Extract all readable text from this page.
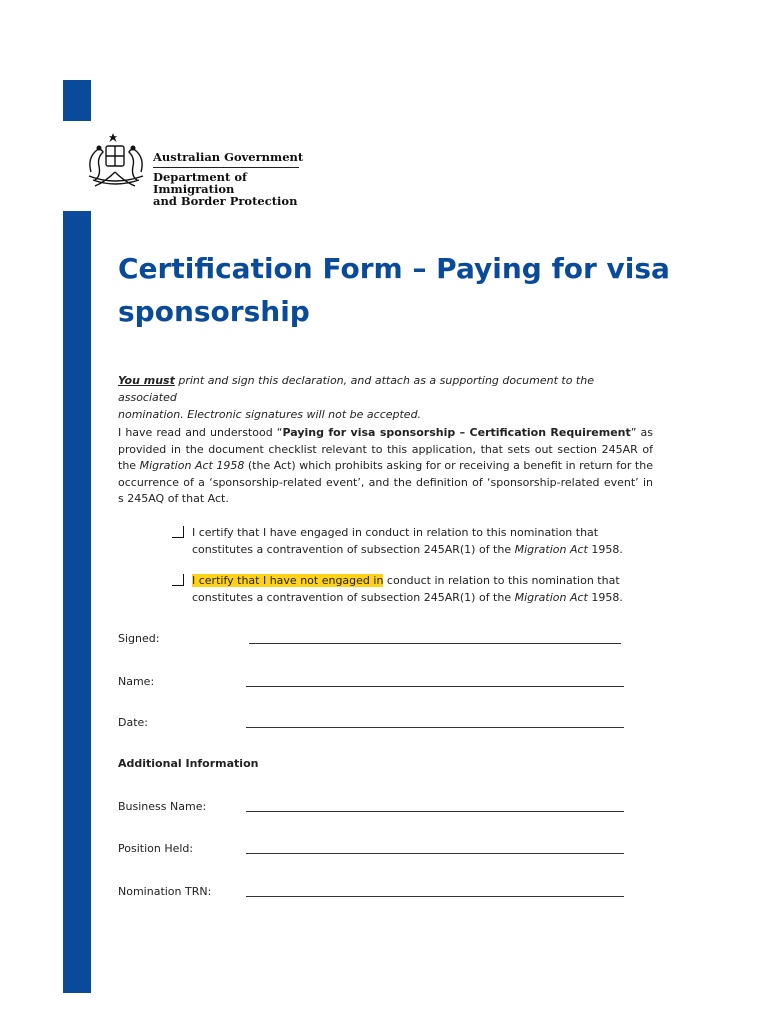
Australian Government
Department of Immigration
and Border Protection
Certification Form – Paying for visa
sponsorship
You must print and sign this declaration, and attach as a supporting document to the associated
nomination. Electronic signatures will not be accepted.
I have read and understood “Paying for visa sponsorship – Certification Requirement” as provided in the document checklist relevant to this application, that sets out section 245AR of the Migration Act 1958 (the Act) which prohibits asking for or receiving a benefit in return for the occurrence of a ‘sponsorship-related event’, and the definition of ‘sponsorship-related event’ in s 245AQ of that Act.
I certify that I have engaged in conduct in relation to this nomination that constitutes a contravention of subsection 245AR(1) of the Migration Act 1958.
I certify that I have not engaged in conduct in relation to this nomination that constitutes a contravention of subsection 245AR(1) of the Migration Act 1958.
Signed:
Name:
Date:
Additional Information
Business Name:
Position Held:
Nomination TRN:
